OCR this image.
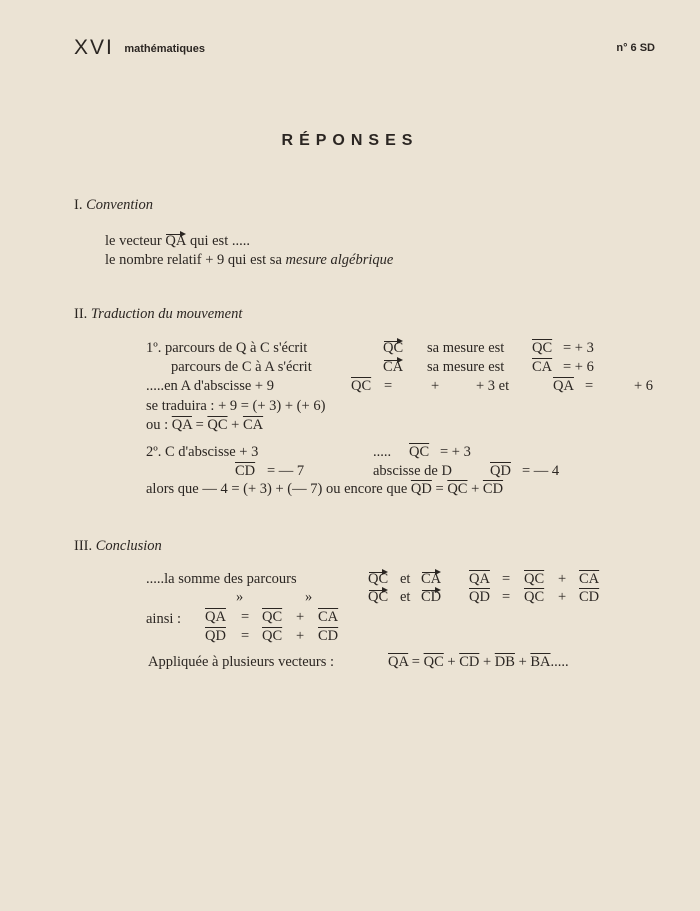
XVI mathématiques	n° 6 SD
RÉPONSES
I. Convention
le vecteur QA qui est .....
le nombre relatif + 9 qui est sa mesure algébrique
II. Traduction du mouvement
1º. parcours de Q à C s'écrit	QC sa mesure est $\overline{QC}$ = + 3
parcours de C à A s'écrit	CA sa mesure est $\overline{CA}$ = + 6
.....en A d'abscisse + 9	$\overline{QC}$ =	+	+ 3 et	$\overline{QA}$ =	+ 6
se traduira : + 9 = (+ 3) + (+ 6)
ou : $\overline{QA} = \overline{QC} + \overline{CA}$
2º. C d'abscisse + 3	..... $\overline{QC}$ = + 3
$\overline{CD}$ = — 7	abscisse de D	$\overline{QD}$ = — 4
alors que — 4 = (+ 3) + (— 7) ou encore que $\overline{QD} = \overline{QC} + \overline{CD}$
III. Conclusion
.....la somme des parcours	QC et CA $\overline{QA} = \overline{QC} + \overline{CA}$
»	»	QC et CD $\overline{QD} = \overline{QC} + \overline{CD}$
ainsi : $\overline{QA} = \overline{QC} + \overline{CA}$
$\overline{QD} = \overline{QC} + \overline{CD}$
Appliquée à plusieurs vecteurs :	$\overline{QA} = \overline{QC} + \overline{CD} + \overline{DB} + \overline{BA}$.....
